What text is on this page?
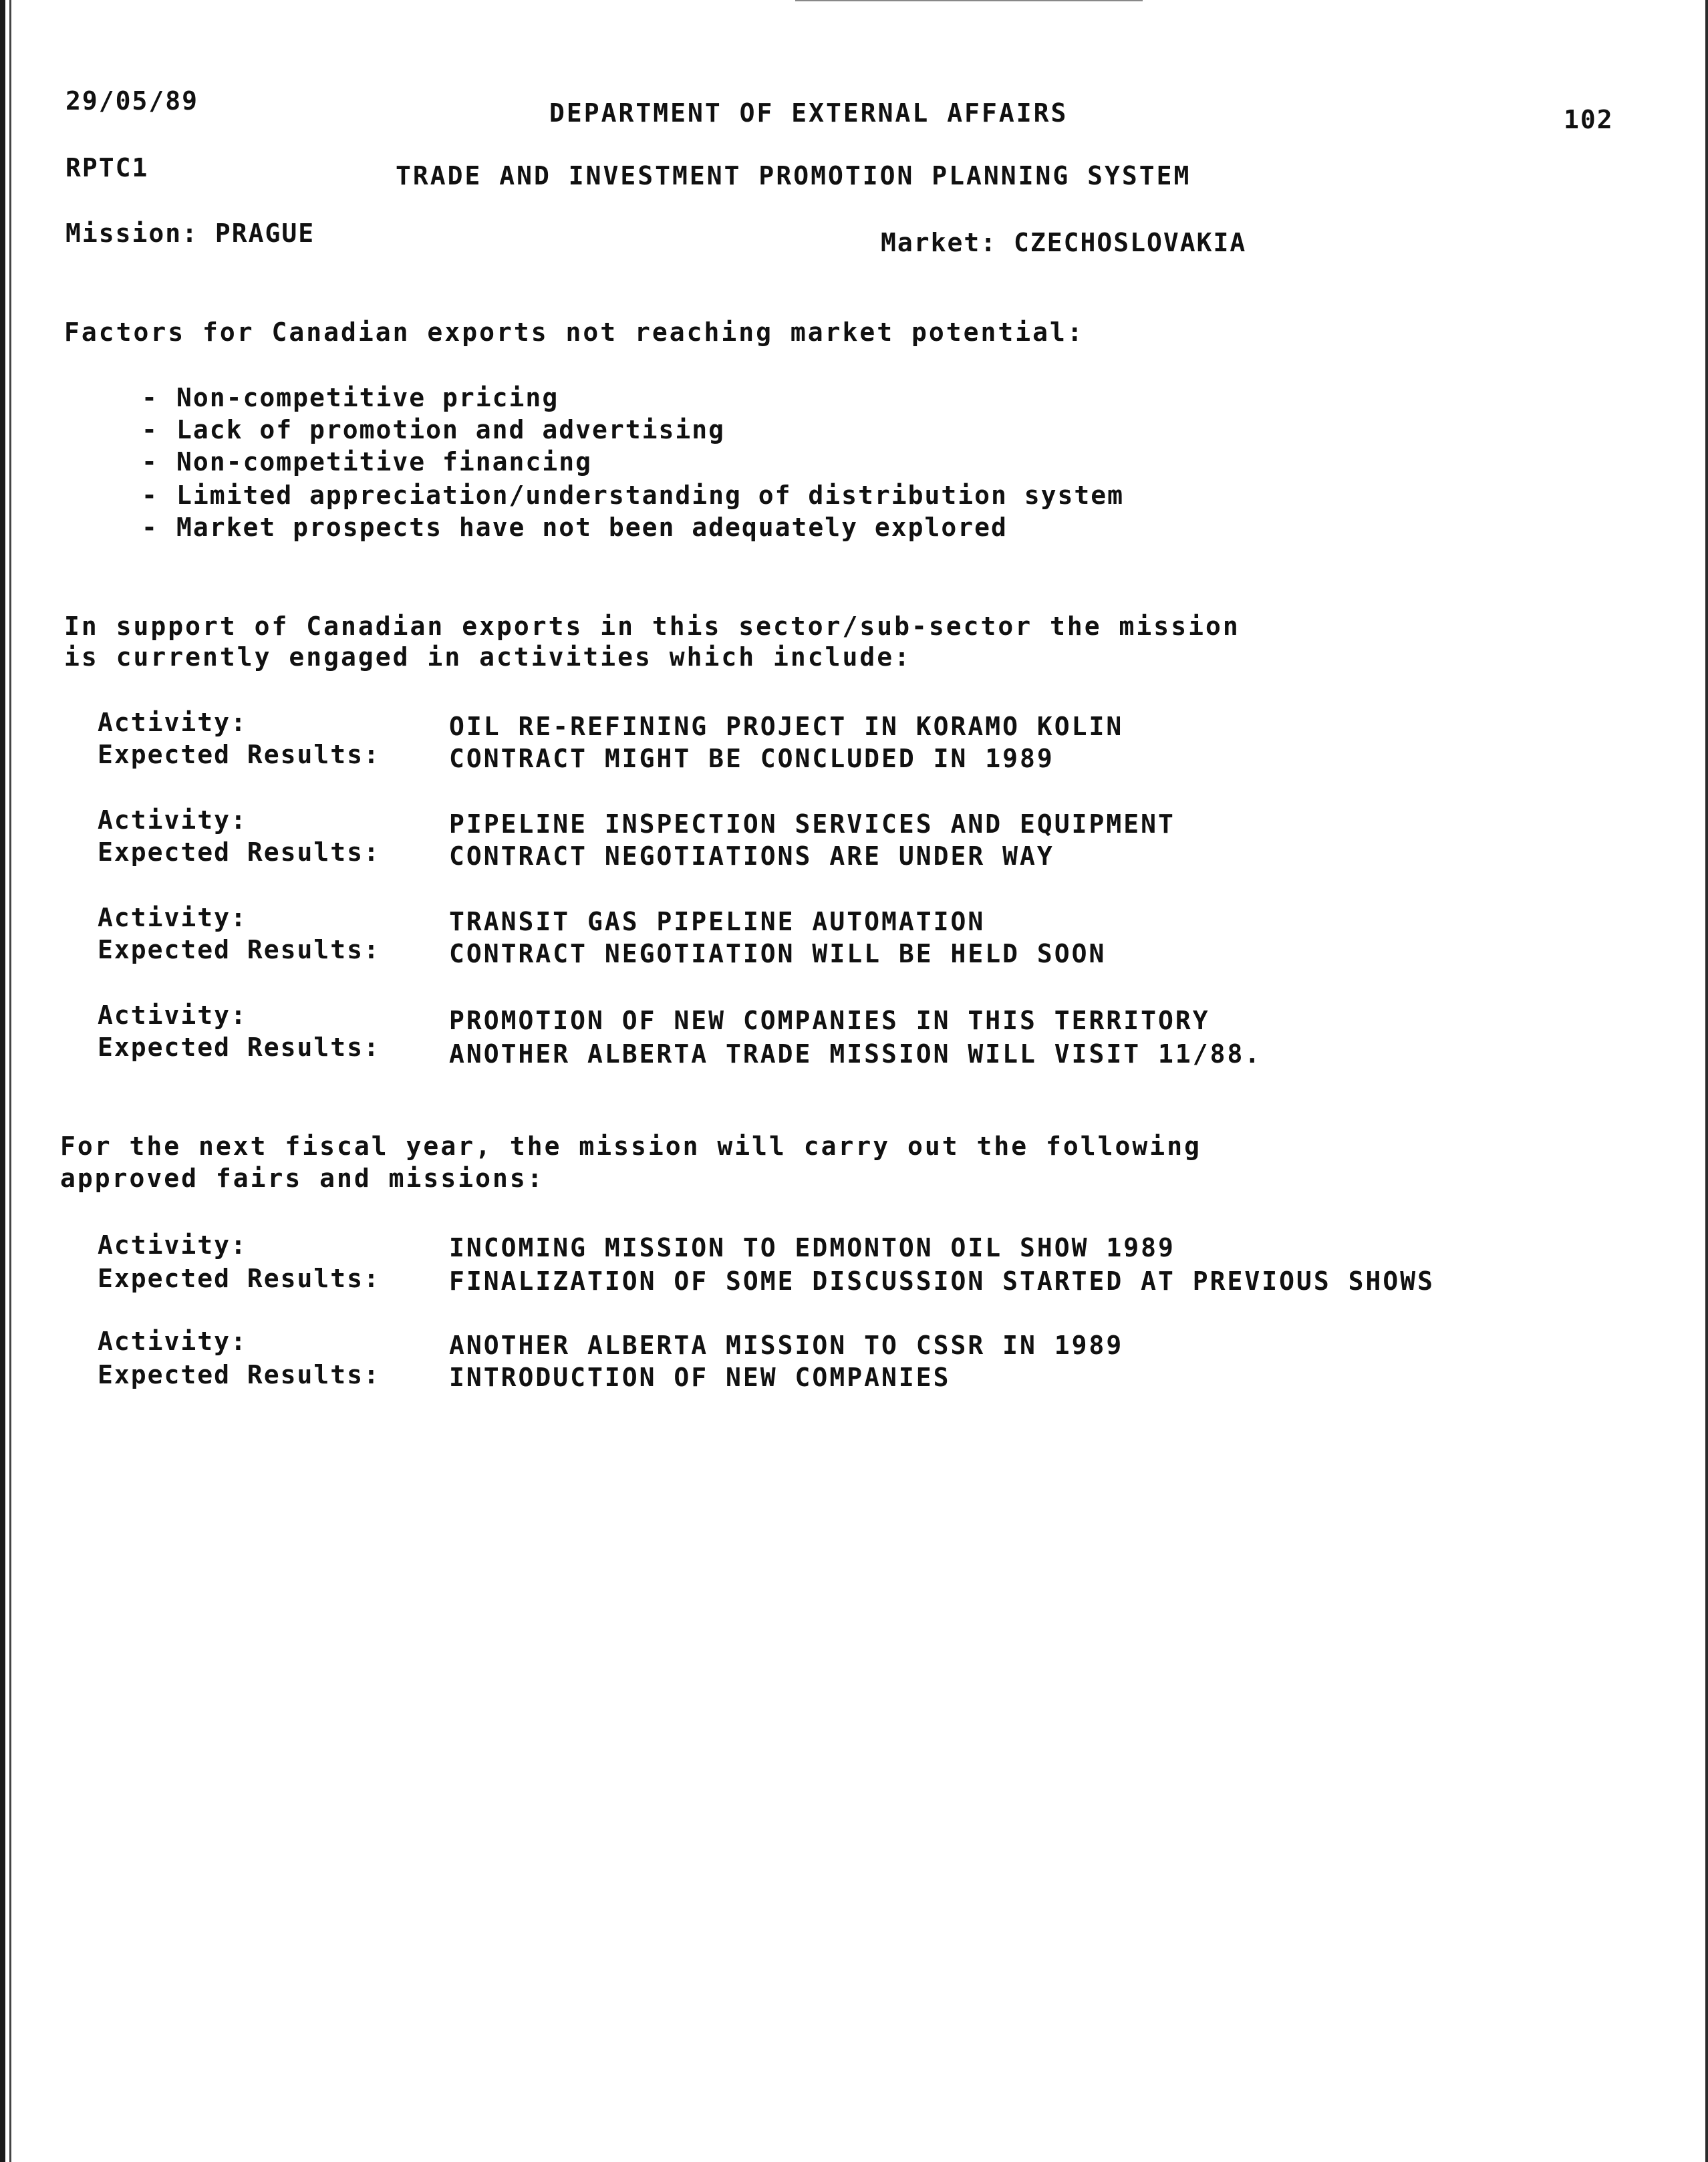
29/05/89	DEPARTMENT OF EXTERNAL AFFAIRS	102
RPTC1	TRADE AND INVESTMENT PROMOTION PLANNING SYSTEM
Mission: PRAGUE	Market: CZECHOSLOVAKIA
Factors for Canadian exports not reaching market potential:
- Non-competitive pricing
- Lack of promotion and advertising
- Non-competitive financing
- Limited appreciation/understanding of distribution system
- Market prospects have not been adequately explored
In support of Canadian exports in this sector/sub-sector the mission
is currently engaged in activities which include:
Activity:	OIL RE-REFINING PROJECT IN KORAMO KOLIN
Expected Results:	CONTRACT MIGHT BE CONCLUDED IN 1989
Activity:	PIPELINE INSPECTION SERVICES AND EQUIPMENT
Expected Results:	CONTRACT NEGOTIATIONS ARE UNDER WAY
Activity:	TRANSIT GAS PIPELINE AUTOMATION
Expected Results:	CONTRACT NEGOTIATION WILL BE HELD SOON
Activity:	PROMOTION OF NEW COMPANIES IN THIS TERRITORY
Expected Results:	ANOTHER ALBERTA TRADE MISSION WILL VISIT 11/88.
For the next fiscal year, the mission will carry out the following
approved fairs and missions:
Activity:	INCOMING MISSION TO EDMONTON OIL SHOW 1989
Expected Results:	FINALIZATION OF SOME DISCUSSION STARTED AT PREVIOUS SHOWS
Activity:	ANOTHER ALBERTA MISSION TO CSSR IN 1989
Expected Results:	INTRODUCTION OF NEW COMPANIES
